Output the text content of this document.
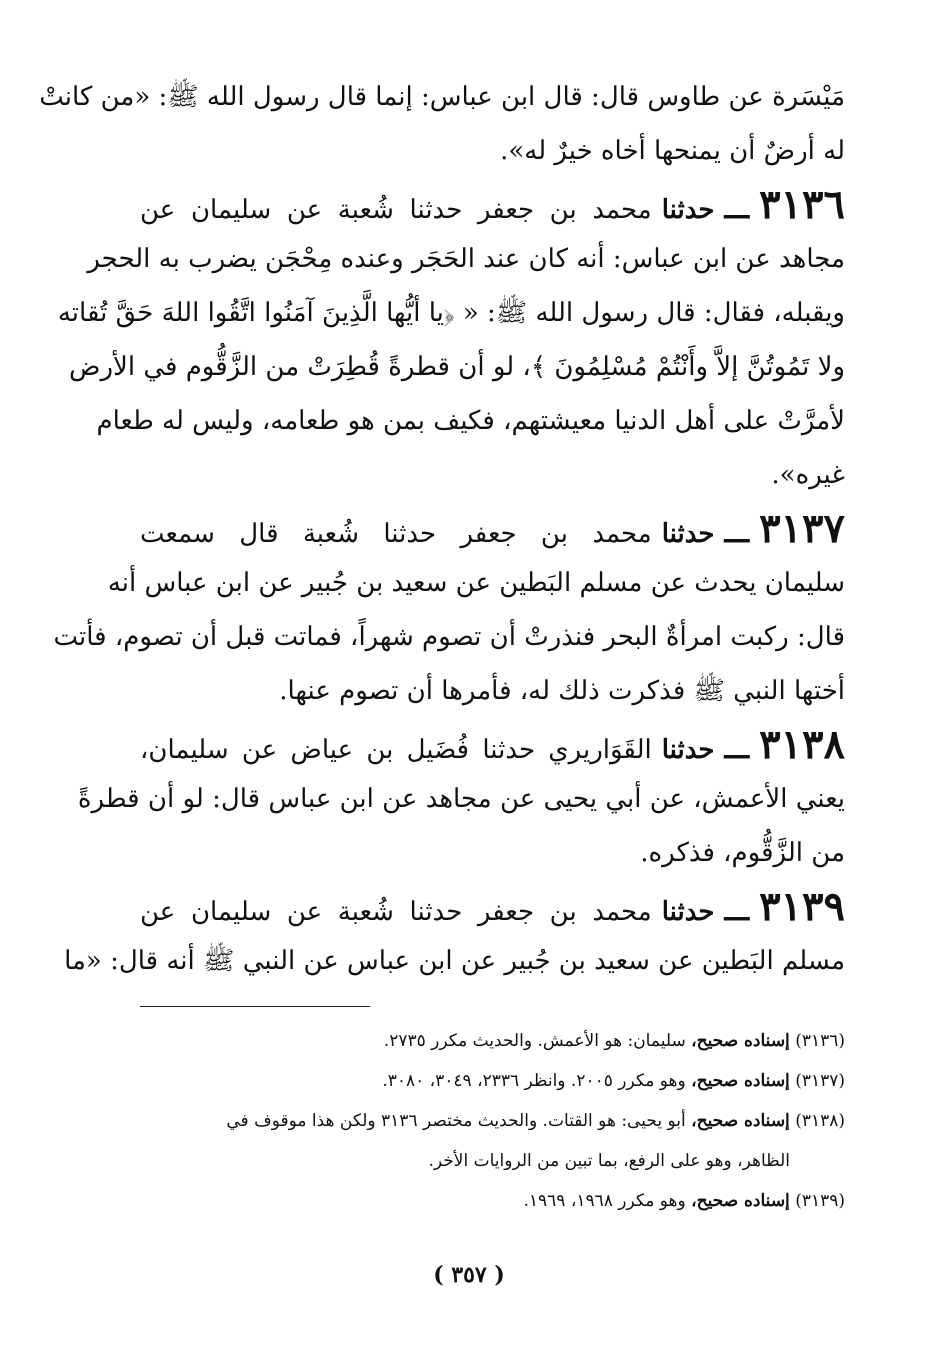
مَيْسَرة عن طاوس قال: قال ابن عباس: إنما قال رسول الله ﷺ: «من كانتْ
له أرضٌ أن يمنحها أخاه خيرٌ له».
٣١٣٦
ـــ
حدثنا
محمد بن جعفر حدثنا شُعبة عن سليمان عن
مجاهد عن ابن عباس: أنه كان عند الحَجَر وعنده مِحْجَن يضرب به الحجر
ويقبله، فقال: قال رسول الله ﷺ: « ﴿يا أيُّها الَّذِينَ آمَنُوا اتَّقُوا اللهَ حَقَّ تُقاته
ولا تَمُوتُنَّ إلاَّ وأَنْتُمْ مُسْلِمُونَ ﴾، لو أن قطرةً قُطِرَتْ من الزَّقُّوم في الأرض
لأمرَّتْ على أهل الدنيا معيشتهم، فكيف بمن هو طعامه، وليس له طعام
غيره».
٣١٣٧
ـــ
حدثنا
محمد بن جعفر حدثنا شُعبة قال سمعت
سليمان يحدث عن مسلم البَطين عن سعيد بن جُبير عن ابن عباس أنه
قال: ركبت امرأةٌ البحر فنذرتْ أن تصوم شهراً، فماتت قبل أن تصوم، فأتت
أختها النبي ﷺ فذكرت ذلك له، فأمرها أن تصوم عنها.
٣١٣٨
ـــ
حدثنا
القَوَاريري حدثنا فُضَيل بن عياض عن سليمان،
يعني الأعمش، عن أبي يحيى عن مجاهد عن ابن عباس قال: لو أن قطرةً
من الزَّقُّوم، فذكره.
٣١٣٩
ـــ
حدثنا
محمد بن جعفر حدثنا شُعبة عن سليمان عن
مسلم البَطين عن سعيد بن جُبير عن ابن عباس عن النبي ﷺ أنه قال: «ما
(٣١٣٦) إسناده صحيح، سليمان: هو الأعمش. والحديث مكرر ٢٧٣٥.
(٣١٣٧) إسناده صحيح، وهو مكرر ٢٠٠٥. وانظر ٢٣٣٦، ٣٠٤٩، ٣٠٨٠.
(٣١٣٨) إسناده صحيح، أبو يحيى: هو القتات. والحديث مختصر ٣١٣٦ ولكن هذا موقوف في
الظاهر، وهو على الرفع، بما تبين من الروايات الأخر.
(٣١٣٩) إسناده صحيح، وهو مكرر ١٩٦٨، ١٩٦٩.
( ٣٥٧ )
